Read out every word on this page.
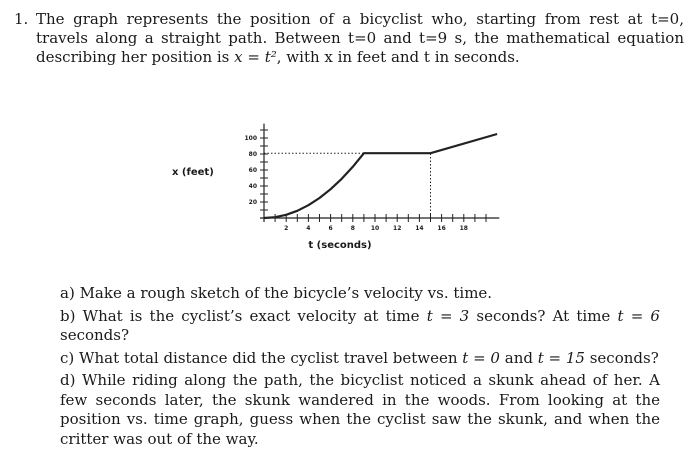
1. The graph represents the position of a bicyclist who, starting from rest at t=0, travels along a straight path. Between t=0 and t=9 s, the mathematical equation describing her position is x = t², with x in feet and t in seconds.
x (feet)
t (seconds)
2	4	6	8	10 12 14 16 18
20
40
60
80
100
a) Make a rough sketch of the bicycle’s velocity vs. time.
b) What is the cyclist’s exact velocity at time t = 3 seconds? At time t = 6 seconds?
c) What total distance did the cyclist travel between t = 0 and t = 15 seconds?
d) While riding along the path, the bicyclist noticed a skunk ahead of her. A few seconds later, the skunk wandered in the woods. From looking at the position vs. time graph, guess when the cyclist saw the skunk, and when the critter was out of the way.
